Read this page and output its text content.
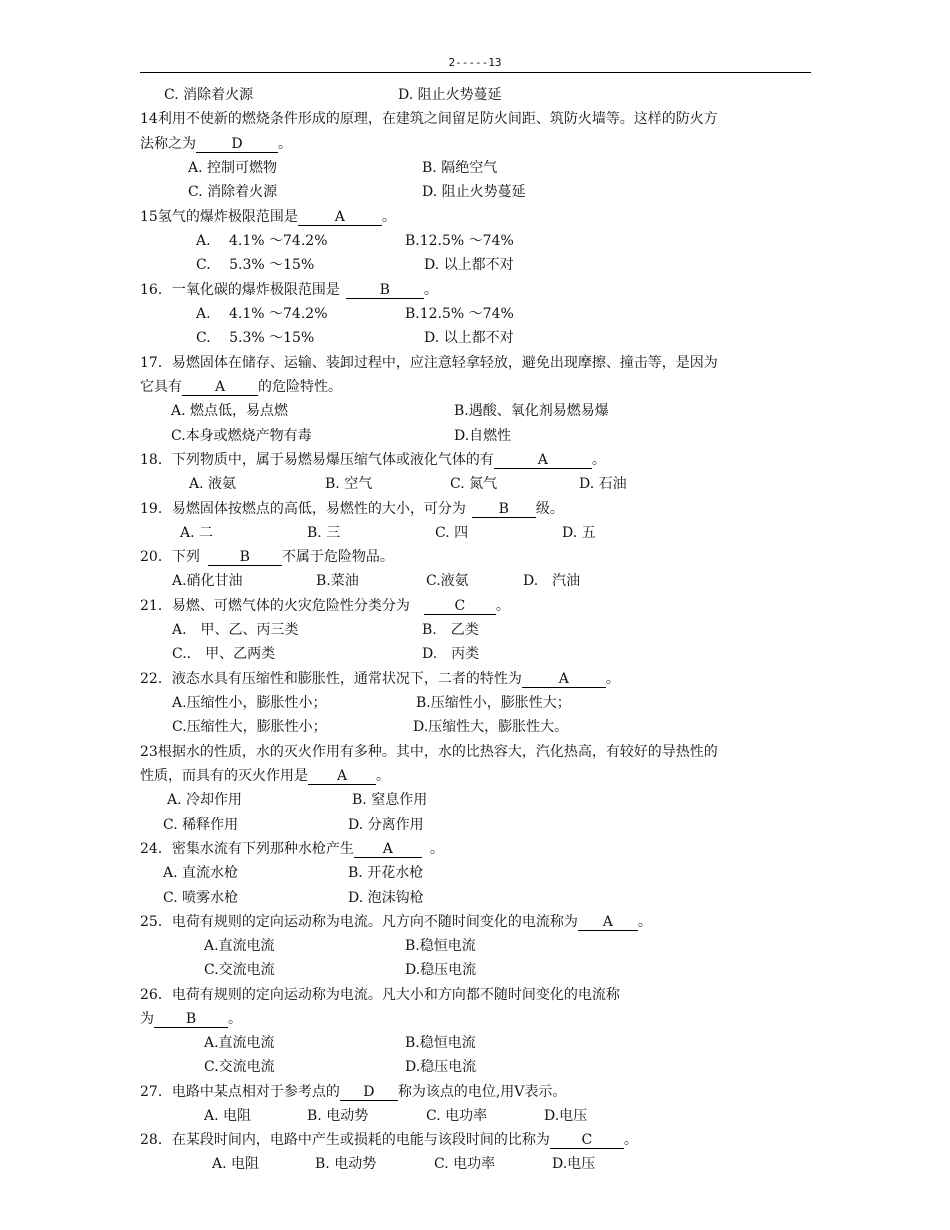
2-----13
C. 消除着火源	D. 阻止火势蔓延
14利用不使新的燃烧条件形成的原理，在建筑之间留足防火间距、筑防火墙等。这样的防火方
法称之为	D	。
A. 控制可燃物	B. 隔绝空气
C. 消除着火源	D. 阻止火势蔓延
15氢气的爆炸极限范围是	A	。
A.　 4.1% ～74.2%	B.12.5% ～74%
C.　 5.3% ～15%	D. 以上都不对
16．一氧化碳的爆炸极限范围是	B 。
A.　 4.1% ～74.2%	B.12.5% ～74%
C.　 5.3% ～15%	D. 以上都不对
17．易燃固体在储存、运输、装卸过程中，应注意轻拿轻放，避免出现摩擦、撞击等，是因为
它具有 A 的危险特性。
A. 燃点低，易点燃	B.遇酸、氧化剂易燃易爆
C.本身或燃烧产物有毒	D.自燃性
18．下列物质中，属于易燃易爆压缩气体或液化气体的有	A	。
A. 液氨	B. 空气	C. 氮气	D. 石油
19．易燃固体按燃点的高低，易燃性的大小，可分为 B 级。
A. 二	B. 三	C. 四	D. 五
20．下列	B 不属于危险物品。
A.硝化甘油	B.菜油	C.液氨	D.　汽油
21．易燃、可燃气体的火灾危险性分类分为	C 。
A.　甲、乙、丙三类	B.　乙类
C.． 甲、乙两类	D.　丙类
22．液态水具有压缩性和膨胀性，通常状况下，二者的特性为	A	。
A.压缩性小，膨胀性小；	B.压缩性小，膨胀性大；
C.压缩性大，膨胀性小；	D.压缩性大，膨胀性大。
23根据水的性质，水的灭火作用有多种。其中，水的比热容大，汽化热高，有较好的导热性的
性质，而具有的灭火作用是 A 。
A. 冷却作用	B. 窒息作用
C. 稀释作用	D. 分离作用
24．密集水流有下列那种水枪产生 A	。
A. 直流水枪	B. 开花水枪
C. 喷雾水枪	D. 泡沫钩枪
25．电荷有规则的定向运动称为电流。凡方向不随时间变化的电流称为 A 。
A.直流电流	B.稳恒电流
C.交流电流	D.稳压电流
26．电荷有规则的定向运动称为电流。凡大小和方向都不随时间变化的电流称
为 B 。
A.直流电流	B.稳恒电流
C.交流电流	D.稳压电流
27．电路中某点相对于参考点的 D 称为该点的电位,用V表示。
A. 电阻	B. 电动势	C. 电功率	D.电压
28．在某段时间内，电路中产生或损耗的电能与该段时间的比称为 C 。
A. 电阻	B. 电动势	C. 电功率	D.电压
